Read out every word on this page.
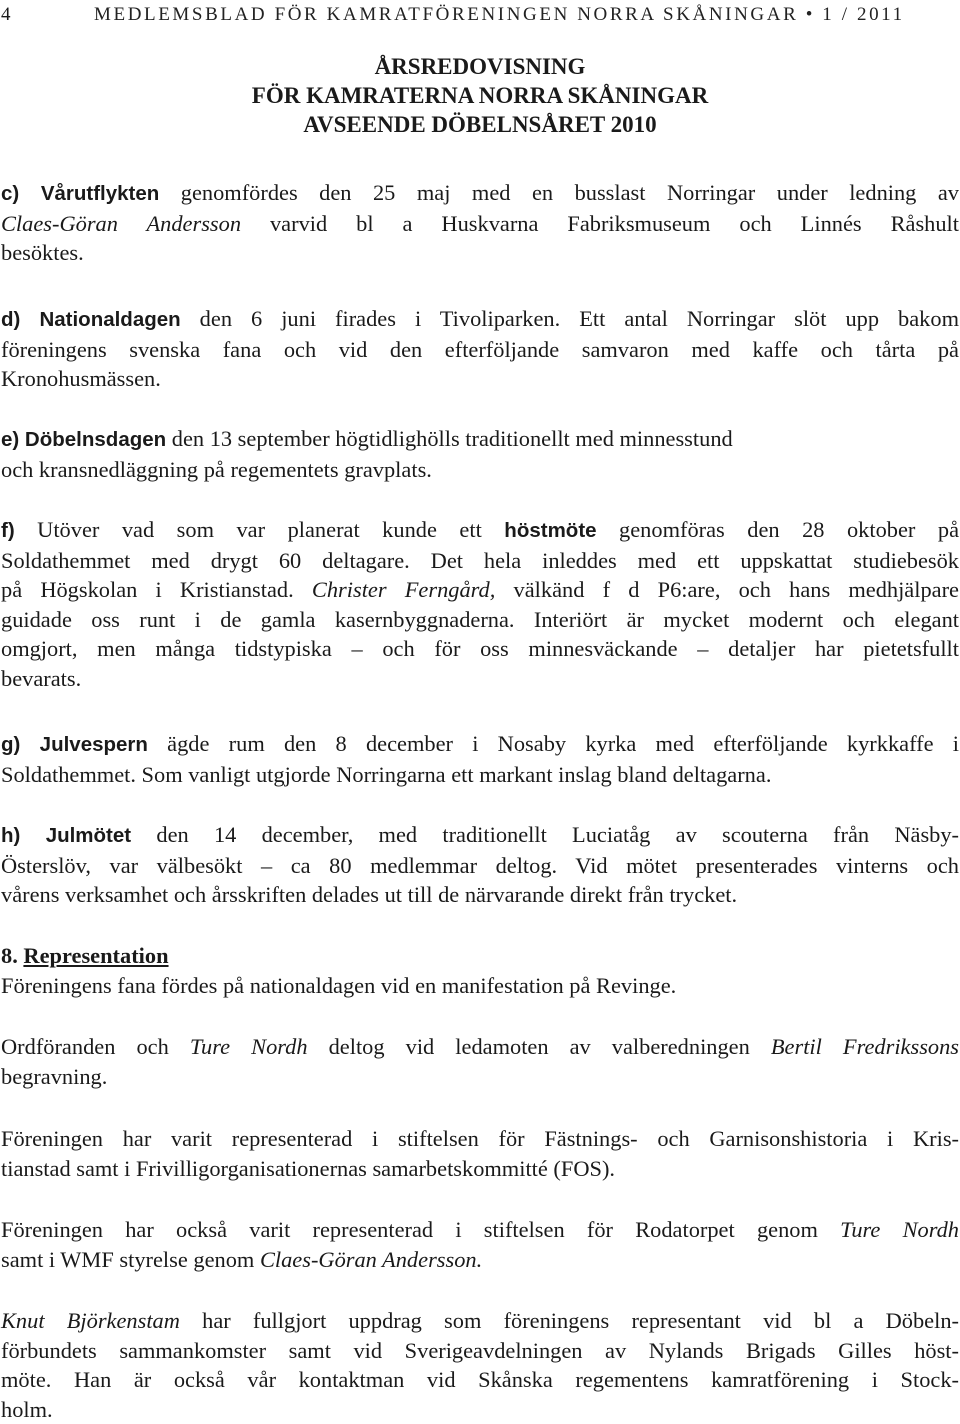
4	MEDLEMSBLAD FÖR KAMRATFÖRENINGEN NORRA SKÅNINGAR • 1 / 2011
ÅRSREDOVISNING
FÖR KAMRATERNA NORRA SKÅNINGAR
AVSEENDE DÖBELNSÅRET 2010
c) Vårutflykten genomfördes den 25 maj med en busslast Norringar under ledning av
Claes-Göran Andersson varvid bl a Huskvarna Fabriksmuseum och Linnés Råshult
besöktes.
d) Nationaldagen den 6 juni firades i Tivoliparken. Ett antal Norringar slöt upp bakom
föreningens svenska fana och vid den efterföljande samvaron med kaffe och tårta på
Kronohusmässen.
e) Döbelnsdagen den 13 september högtidlighölls traditionellt med minnesstund
och kransnedläggning på regementets gravplats.
f) Utöver vad som var planerat kunde ett höstmöte genomföras den 28 oktober på
Soldathemmet med drygt 60 deltagare. Det hela inleddes med ett uppskattat studiebesök
på Högskolan i Kristianstad. Christer Ferngård, välkänd f d P6:are, och hans medhjälpare
guidade oss runt i de gamla kasernbyggnaderna. Interiört är mycket modernt och elegant
omgjort, men många tidstypiska – och för oss minnesväckande – detaljer har pietetsfullt
bevarats.
g) Julvespern ägde rum den 8 december i Nosaby kyrka med efterföljande kyrkkaffe i
Soldathemmet. Som vanligt utgjorde Norringarna ett markant inslag bland deltagarna.
h) Julmötet den 14 december, med traditionellt Luciatåg av scouterna från Näsby-
Österslöv, var välbesökt – ca 80 medlemmar deltog. Vid mötet presenterades vinterns och
vårens verksamhet och årsskriften delades ut till de närvarande direkt från trycket.
8. Representation
Föreningens fana fördes på nationaldagen vid en manifestation på Revinge.
Ordföranden och Ture Nordh deltog vid ledamoten av valberedningen Bertil Fredrikssons
begravning.
Föreningen har varit representerad i stiftelsen för Fästnings- och Garnisonshistoria i Kris-
tianstad samt i Frivilligorganisationernas samarbetskommitté (FOS).
Föreningen har också varit representerad i stiftelsen för Rodatorpet genom Ture Nordh
samt i WMF styrelse genom Claes-Göran Andersson.
Knut Björkenstam har fullgjort uppdrag som föreningens representant vid bl a Döbeln-
förbundets sammankomster samt vid Sverigeavdelningen av Nylands Brigads Gilles höst-
möte. Han är också vår kontaktman vid Skånska regementens kamratförening i Stock-
holm.
